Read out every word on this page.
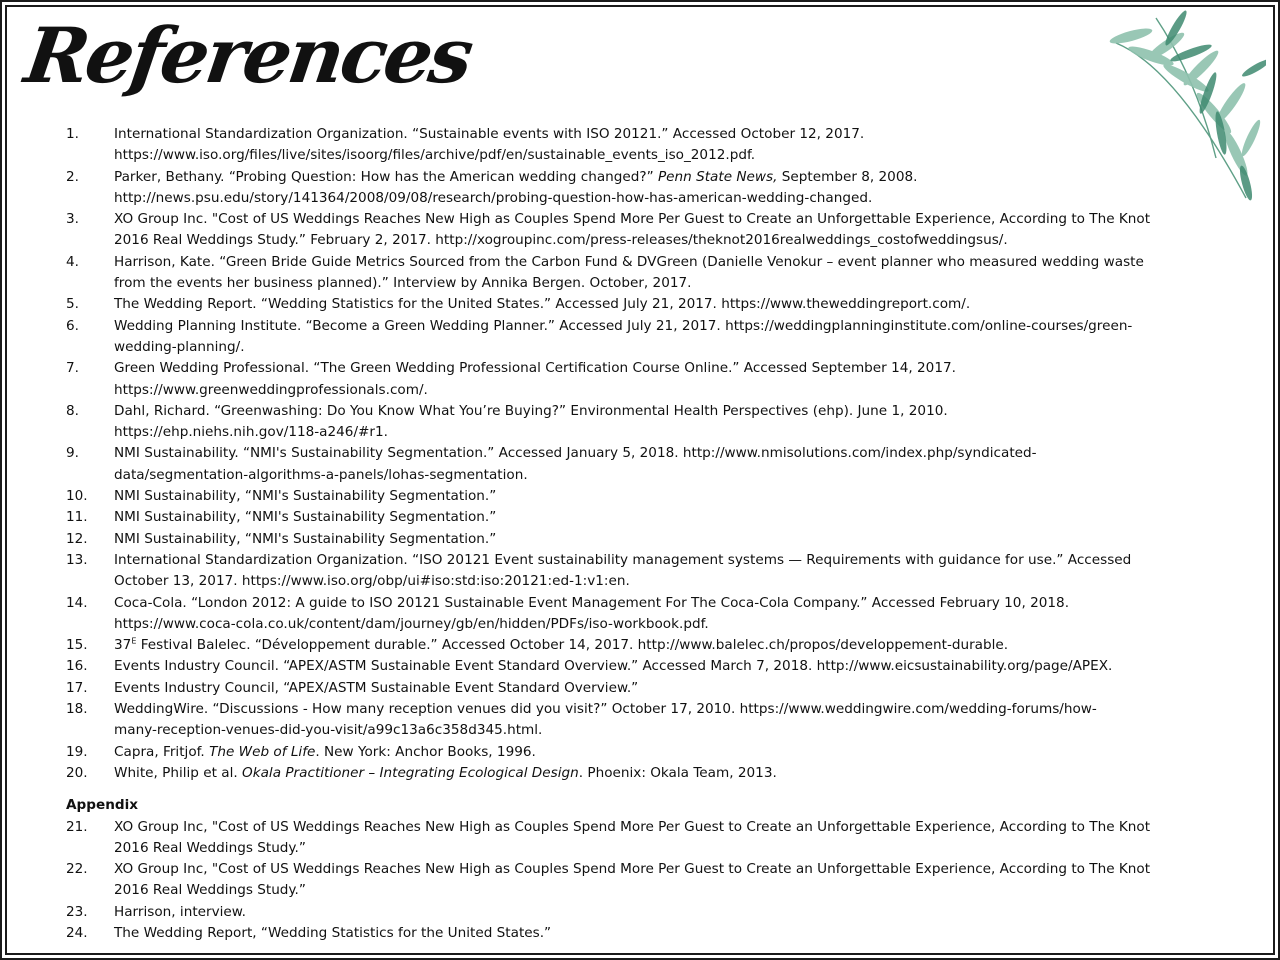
References
1.	International Standardization Organization. “Sustainable events with ISO 20121.” Accessed October 12, 2017.
https://www.iso.org/files/live/sites/isoorg/files/archive/pdf/en/sustainable_events_iso_2012.pdf.
2.	Parker, Bethany. “Probing Question: How has the American wedding changed?” Penn State News, September 8, 2008.
http://news.psu.edu/story/141364/2008/09/08/research/probing-question-how-has-american-wedding-changed.
3.	XO Group Inc. "Cost of US Weddings Reaches New High as Couples Spend More Per Guest to Create an Unforgettable Experience, According to The Knot
2016 Real Weddings Study.” February 2, 2017. http://xogroupinc.com/press-releases/theknot2016realweddings_costofweddingsus/.
4.	Harrison, Kate. “Green Bride Guide Metrics Sourced from the Carbon Fund & DVGreen (Danielle Venokur – event planner who measured wedding waste
from the events her business planned).” Interview by Annika Bergen. October, 2017.
5.	The Wedding Report. “Wedding Statistics for the United States.” Accessed July 21, 2017. https://www.theweddingreport.com/.
6.	Wedding Planning Institute. “Become a Green Wedding Planner.” Accessed July 21, 2017. https://weddingplanninginstitute.com/online-courses/green-
wedding-planning/.
7.	Green Wedding Professional. “The Green Wedding Professional Certification Course Online.” Accessed September 14, 2017.
https://www.greenweddingprofessionals.com/.
8.	Dahl, Richard. “Greenwashing: Do You Know What You’re Buying?” Environmental Health Perspectives (ehp). June 1, 2010.
https://ehp.niehs.nih.gov/118-a246/#r1.
9.	NMI Sustainability. “NMI's Sustainability Segmentation.” Accessed January 5, 2018. http://www.nmisolutions.com/index.php/syndicated-
data/segmentation-algorithms-a-panels/lohas-segmentation.
10.	NMI Sustainability, “NMI's Sustainability Segmentation.”
11.	NMI Sustainability, “NMI's Sustainability Segmentation.”
12.	NMI Sustainability, “NMI's Sustainability Segmentation.”
13.	International Standardization Organization. “ISO 20121 Event sustainability management systems — Requirements with guidance for use.” Accessed
October 13, 2017. https://www.iso.org/obp/ui#iso:std:iso:20121:ed-1:v1:en.
14.	Coca-Cola. “London 2012: A guide to ISO 20121 Sustainable Event Management For The Coca-Cola Company.” Accessed February 10, 2018.
https://www.coca-cola.co.uk/content/dam/journey/gb/en/hidden/PDFs/iso-workbook.pdf.
15.	$37^E$ Festival Balelec. “Développement durable.” Accessed October 14, 2017. http://www.balelec.ch/propos/developpement-durable.
16.	Events Industry Council. “APEX/ASTM Sustainable Event Standard Overview.” Accessed March 7, 2018. http://www.eicsustainability.org/page/APEX.
17.	Events Industry Council, “APEX/ASTM Sustainable Event Standard Overview.”
18.	WeddingWire. “Discussions - How many reception venues did you visit?” October 17, 2010. https://www.weddingwire.com/wedding-forums/how-
many-reception-venues-did-you-visit/a99c13a6c358d345.html.
19.	Capra, Fritjof. The Web of Life. New York: Anchor Books, 1996.
20.	White, Philip et al. Okala Practitioner – Integrating Ecological Design. Phoenix: Okala Team, 2013.
Appendix
21.	XO Group Inc, "Cost of US Weddings Reaches New High as Couples Spend More Per Guest to Create an Unforgettable Experience, According to The Knot
2016 Real Weddings Study.”
22.	XO Group Inc, "Cost of US Weddings Reaches New High as Couples Spend More Per Guest to Create an Unforgettable Experience, According to The Knot
2016 Real Weddings Study.”
23.	Harrison, interview.
24.	The Wedding Report, “Wedding Statistics for the United States.”
